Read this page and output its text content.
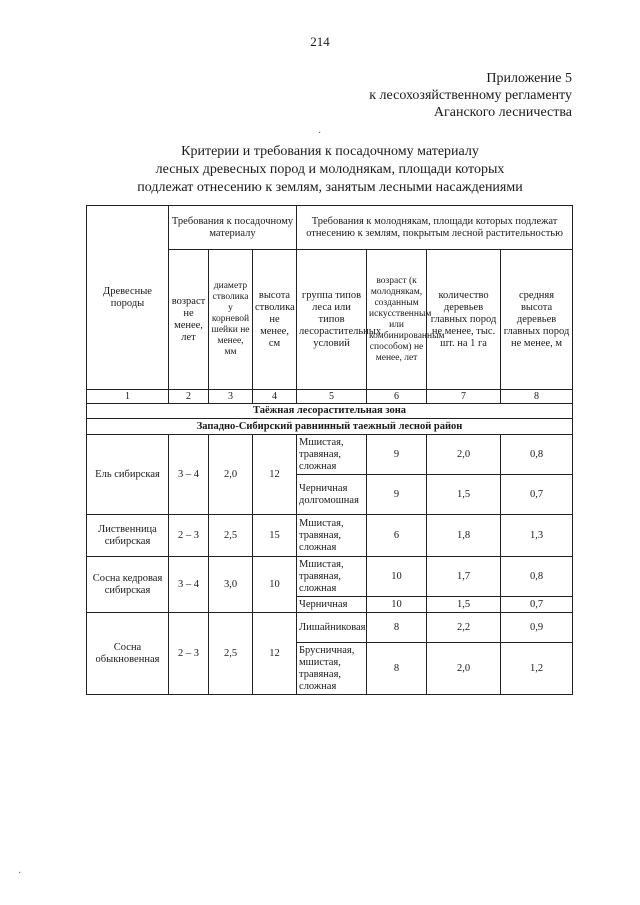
214
Приложение 5
к лесохозяйственному регламенту
Аганского лесничества
Критерии и требования к посадочному материалу
лесных древесных пород и молоднякам, площади которых
подлежат отнесению к землям, занятым лесными насаждениями
·
Древесные породы	Требования к посадочному материалу			Требования к молоднякам, площади которых подлежат отнесению к землям, покрытым лесной растительностью			
	возраст не менее, лет	диаметр стволика у корневой шейки не менее, мм	высота стволика не менее, см	группа типов леса или типов лесорастительных условий	возраст (к молоднякам, созданным искусственным или комбинированным способом) не менее, лет	количество деревьев главных пород не менее, тыс. шт. на 1 га	средняя высота деревьев главных пород не менее, м
1	2	3	4	5	6	7	8
Таёжная лесорастительная зона							
Западно-Сибирский равнинный таежный лесной район							
Ель сибирская	3 – 4	2,0	12	Мшистая, травяная, сложная	9	2,0	0,8
				Черничная долгомошная	9	1,5	0,7
Лиственница сибирская	2 – 3	2,5	15	Мшистая, травяная, сложная	6	1,8	1,3
Сосна кедровая сибирская	3 – 4	3,0	10	Мшистая, травяная, сложная	10	1,7	0,8
				Черничная	10	1,5	0,7
Сосна обыкновенная	2 – 3	2,5	12	Лишайниковая	8	2,2	0,9
				Брусничная, мшистая, травяная, сложная	8	2,0	1,2
·
